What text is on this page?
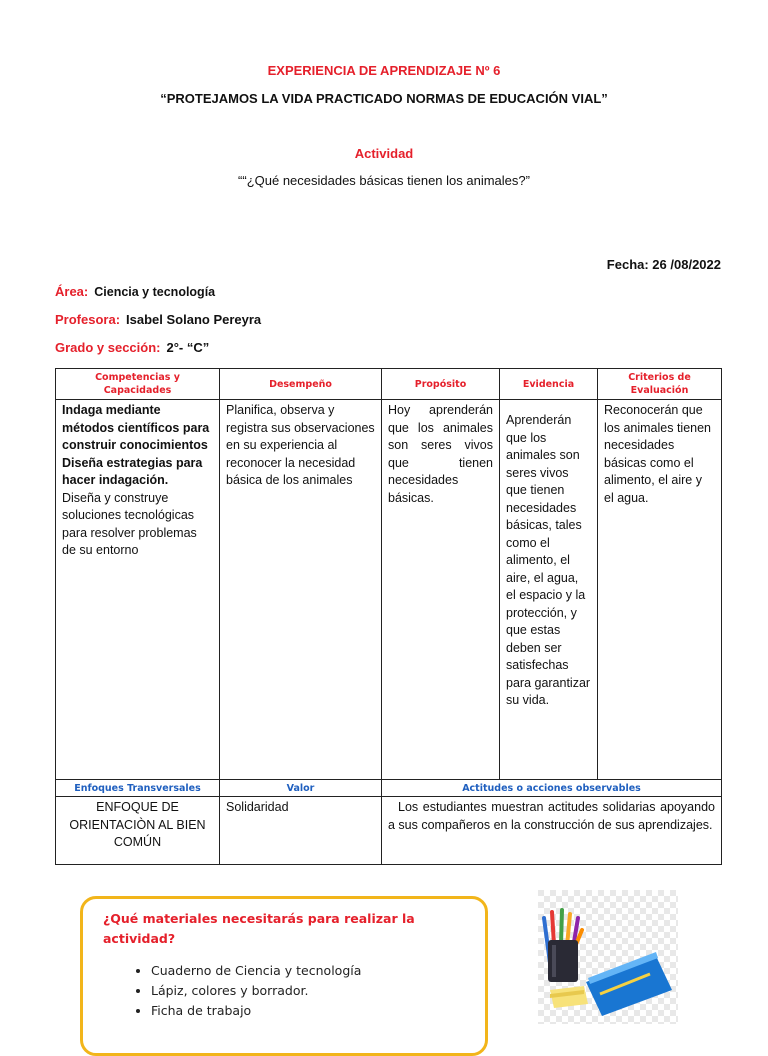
EXPERIENCIA DE APRENDIZAJE Nº 6
“PROTEJAMOS LA VIDA PRACTICADO NORMAS DE EDUCACIÓN VIAL”
Actividad
““¿Qué necesidades básicas tienen los animales?”
Fecha: 26 /08/2022
Área: Ciencia y tecnología
Profesora: Isabel Solano Pereyra
Grado y sección: 2°- “C”
Competencias y Capacidades	Desempeño	Propósito	Evidencia	Criterios de Evaluación

Indaga mediante métodos científicos para construir conocimientos Diseña estrategias para hacer indagación.
Diseña y construye soluciones tecnológicas para resolver problemas de su entorno	Planifica, observa y registra sus observaciones en su experiencia al reconocer la necesidad básica de los animales	Hoy aprenderán que los animales son seres vivos que tienen necesidades básicas.	Aprenderán que los animales son seres vivos que tienen necesidades básicas, tales como el alimento, el aire, el agua, el espacio y la protección, y que estas deben ser satisfechas para garantizar su vida.	Reconocerán que los animales tienen necesidades básicas como el alimento, el aire y el agua.
Enfoques Transversales	Valor	Actitudes o acciones observables		
ENFOQUE DE ORIENTACIÒN AL BIEN COMÚN	Solidaridad	Los estudiantes muestran actitudes solidarias apoyando a sus compañeros en la construcción de sus aprendizajes.		
¿Qué materiales necesitarás para realizar la actividad?
• Cuaderno de Ciencia y tecnología
• Lápiz, colores y borrador.
• Ficha de trabajo
